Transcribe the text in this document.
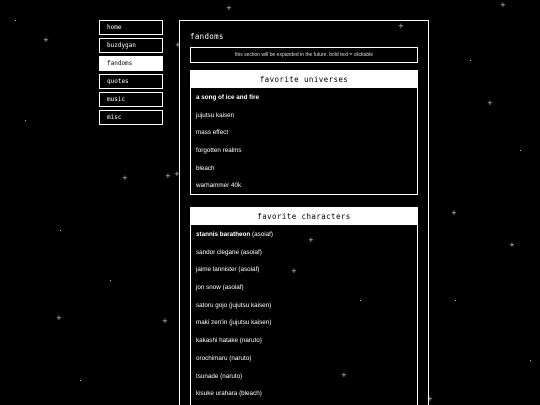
+
+
+
+
+
+
+	+ +
+
+
+
+
+
+
+
+
home
buzdygan
fandoms
quotes
music
misc
fandoms
this section will be expanded in the future. bold text = clickable
favorite universes
a song of ice and fire
jujutsu kaisen
mass effect
forgotten realms
bleach
warhammer 40k
favorite characters
stannis baratheon (asoiaf)
sandor clegane (asoiaf)
jaime lannister (asoiaf)
jon snow (asoiaf)
satoru gojo (jujutsu kaisen)
maki zen'in (jujutsu kaisen)
kakashi hatake (naruto)
orochimaru (naruto)
tsunade (naruto)
kisuke urahara (bleach)
